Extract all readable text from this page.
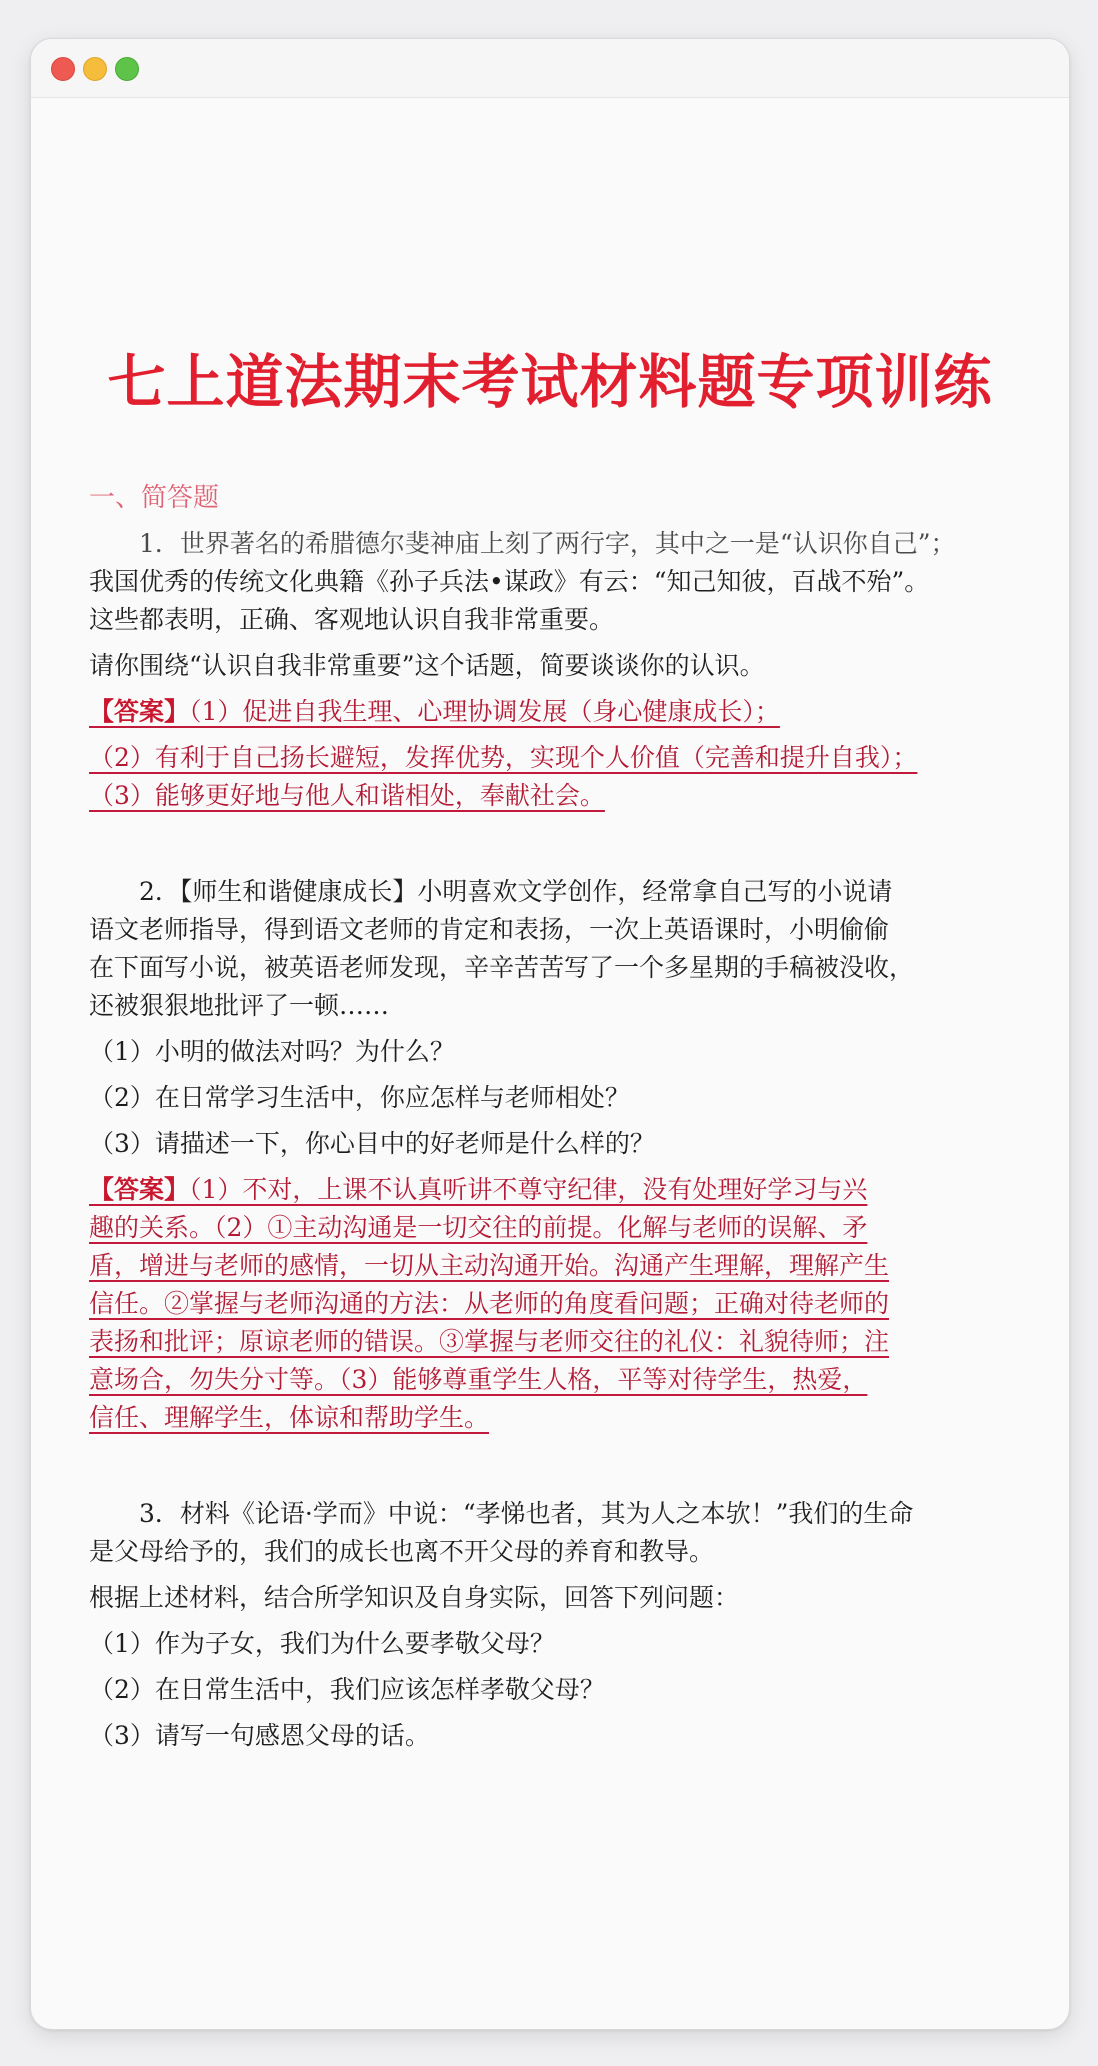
七上道法期末考试材料题专项训练
一、简答题

1．世界著名的希腊德尔斐神庙上刻了两行字，其中之一是“认识你自己”；

我国优秀的传统文化典籍《孙子兵法•谋政》有云：“知己知彼，百战不殆”。

这些都表明，正确、客观地认识自我非常重要。

请你围绕“认识自我非常重要”这个话题，简要谈谈你的认识。

【答案】（1）促进自我生理、心理协调发展（身心健康成长）；

（2）有利于自己扬长避短，发挥优势，实现个人价值（完善和提升自我）；

（3）能够更好地与他人和谐相处，奉献社会。

2．【师生和谐健康成长】小明喜欢文学创作，经常拿自己写的小说请

语文老师指导，得到语文老师的肯定和表扬，一次上英语课时，小明偷偷

在下面写小说，被英语老师发现，辛辛苦苦写了一个多星期的手稿被没收，

还被狠狠地批评了一顿……

（1）小明的做法对吗？为什么？
（2）在日常学习生活中，你应怎样与老师相处？
（3）请描述一下，你心目中的好老师是什么样的？

【答案】（1）不对，上课不认真听讲不尊守纪律，没有处理好学习与兴

趣的关系。（2）①主动沟通是一切交往的前提。化解与老师的误解、矛

盾，增进与老师的感情，一切从主动沟通开始。沟通产生理解，理解产生

信任。②掌握与老师沟通的方法：从老师的角度看问题；正确对待老师的

表扬和批评；原谅老师的错误。③掌握与老师交往的礼仪：礼貌待师；注

意场合，勿失分寸等。（3）能够尊重学生人格，平等对待学生，热爱，

信任、理解学生，体谅和帮助学生。

3．材料《论语·学而》中说：“孝悌也者，其为人之本欤！”我们的生命

是父母给予的，我们的成长也离不开父母的养育和教导。

根据上述材料，结合所学知识及自身实际，回答下列问题：

（1）作为子女，我们为什么要孝敬父母？
（2）在日常生活中，我们应该怎样孝敬父母？
（3）请写一句感恩父母的话。
